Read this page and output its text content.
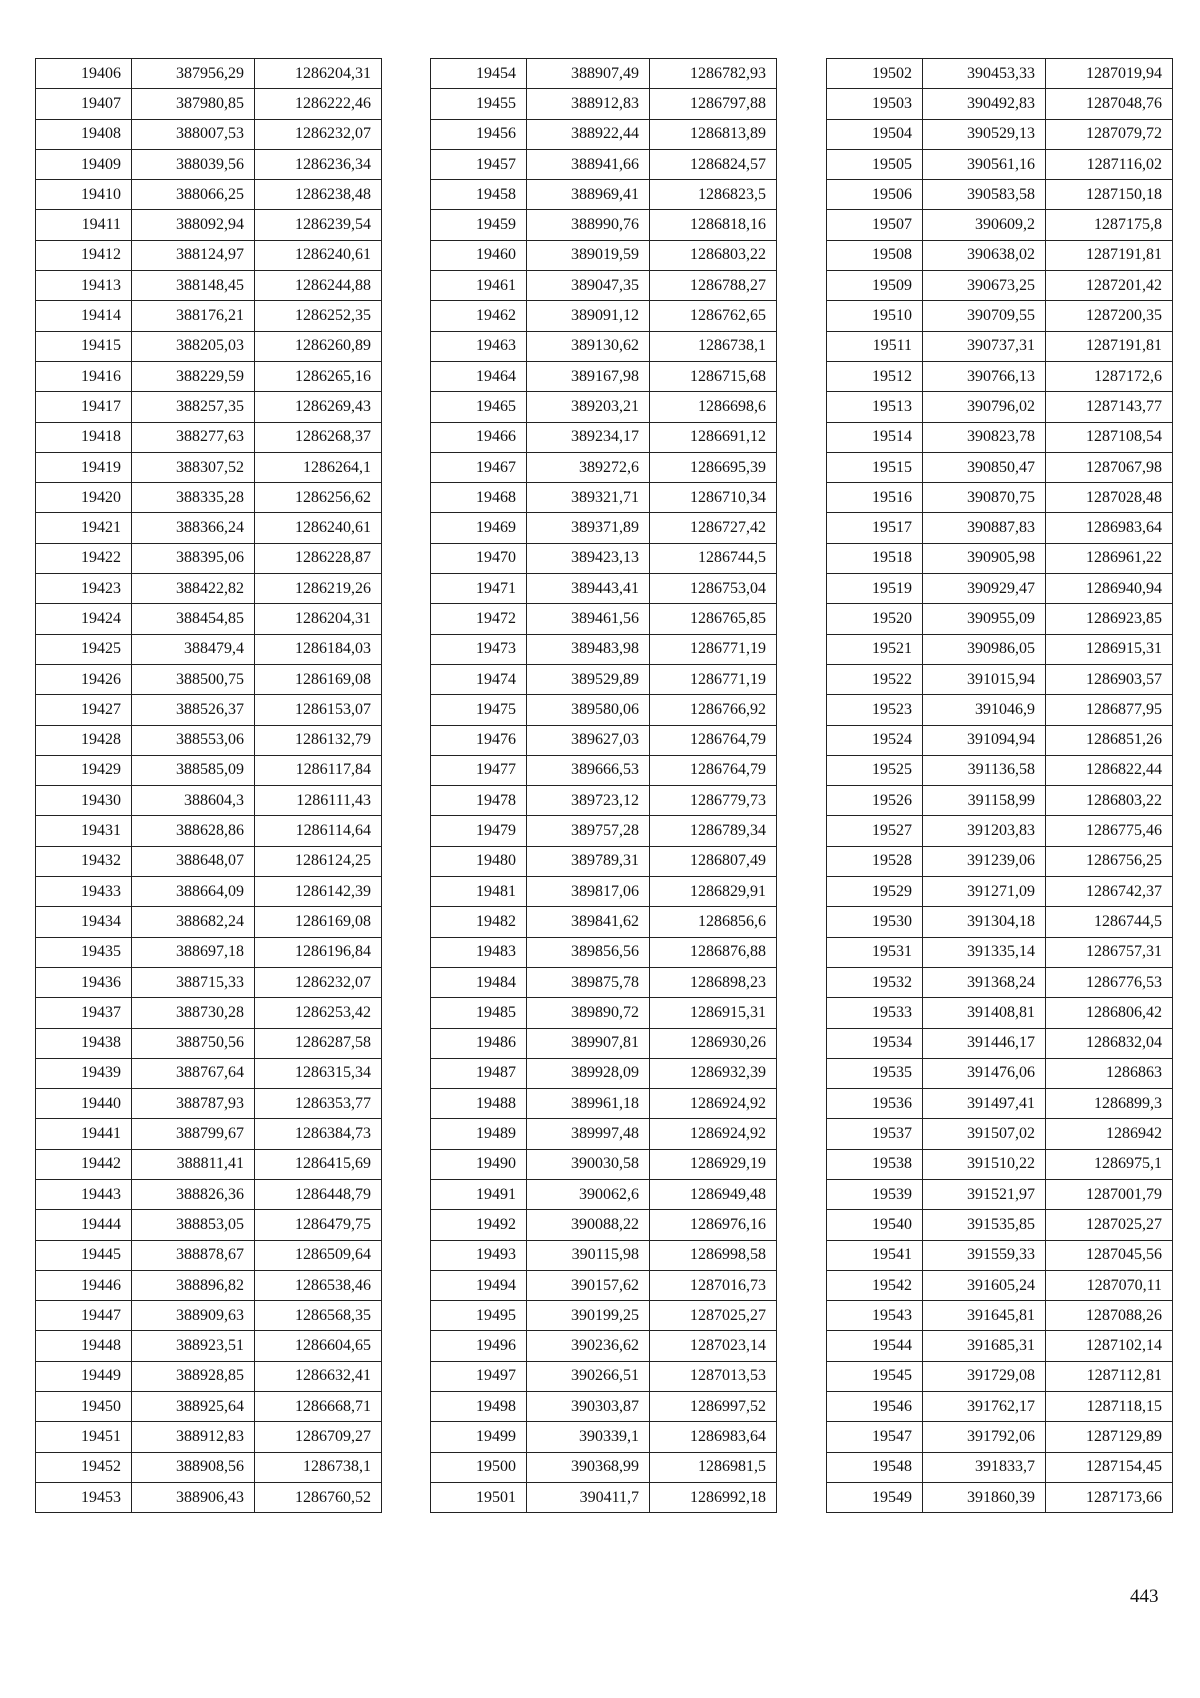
19406	387956,29	1286204,31
19407	387980,85	1286222,46
19408	388007,53	1286232,07
19409	388039,56	1286236,34
19410	388066,25	1286238,48
19411	388092,94	1286239,54
19412	388124,97	1286240,61
19413	388148,45	1286244,88
19414	388176,21	1286252,35
19415	388205,03	1286260,89
19416	388229,59	1286265,16
19417	388257,35	1286269,43
19418	388277,63	1286268,37
19419	388307,52	1286264,1
19420	388335,28	1286256,62
19421	388366,24	1286240,61
19422	388395,06	1286228,87
19423	388422,82	1286219,26
19424	388454,85	1286204,31
19425	388479,4	1286184,03
19426	388500,75	1286169,08
19427	388526,37	1286153,07
19428	388553,06	1286132,79
19429	388585,09	1286117,84
19430	388604,3	1286111,43
19431	388628,86	1286114,64
19432	388648,07	1286124,25
19433	388664,09	1286142,39
19434	388682,24	1286169,08
19435	388697,18	1286196,84
19436	388715,33	1286232,07
19437	388730,28	1286253,42
19438	388750,56	1286287,58
19439	388767,64	1286315,34
19440	388787,93	1286353,77
19441	388799,67	1286384,73
19442	388811,41	1286415,69
19443	388826,36	1286448,79
19444	388853,05	1286479,75
19445	388878,67	1286509,64
19446	388896,82	1286538,46
19447	388909,63	1286568,35
19448	388923,51	1286604,65
19449	388928,85	1286632,41
19450	388925,64	1286668,71
19451	388912,83	1286709,27
19452	388908,56	1286738,1
19453	388906,43	1286760,52
19454	388907,49	1286782,93
19455	388912,83	1286797,88
19456	388922,44	1286813,89
19457	388941,66	1286824,57
19458	388969,41	1286823,5
19459	388990,76	1286818,16
19460	389019,59	1286803,22
19461	389047,35	1286788,27
19462	389091,12	1286762,65
19463	389130,62	1286738,1
19464	389167,98	1286715,68
19465	389203,21	1286698,6
19466	389234,17	1286691,12
19467	389272,6	1286695,39
19468	389321,71	1286710,34
19469	389371,89	1286727,42
19470	389423,13	1286744,5
19471	389443,41	1286753,04
19472	389461,56	1286765,85
19473	389483,98	1286771,19
19474	389529,89	1286771,19
19475	389580,06	1286766,92
19476	389627,03	1286764,79
19477	389666,53	1286764,79
19478	389723,12	1286779,73
19479	389757,28	1286789,34
19480	389789,31	1286807,49
19481	389817,06	1286829,91
19482	389841,62	1286856,6
19483	389856,56	1286876,88
19484	389875,78	1286898,23
19485	389890,72	1286915,31
19486	389907,81	1286930,26
19487	389928,09	1286932,39
19488	389961,18	1286924,92
19489	389997,48	1286924,92
19490	390030,58	1286929,19
19491	390062,6	1286949,48
19492	390088,22	1286976,16
19493	390115,98	1286998,58
19494	390157,62	1287016,73
19495	390199,25	1287025,27
19496	390236,62	1287023,14
19497	390266,51	1287013,53
19498	390303,87	1286997,52
19499	390339,1	1286983,64
19500	390368,99	1286981,5
19501	390411,7	1286992,18
19502	390453,33	1287019,94
19503	390492,83	1287048,76
19504	390529,13	1287079,72
19505	390561,16	1287116,02
19506	390583,58	1287150,18
19507	390609,2	1287175,8
19508	390638,02	1287191,81
19509	390673,25	1287201,42
19510	390709,55	1287200,35
19511	390737,31	1287191,81
19512	390766,13	1287172,6
19513	390796,02	1287143,77
19514	390823,78	1287108,54
19515	390850,47	1287067,98
19516	390870,75	1287028,48
19517	390887,83	1286983,64
19518	390905,98	1286961,22
19519	390929,47	1286940,94
19520	390955,09	1286923,85
19521	390986,05	1286915,31
19522	391015,94	1286903,57
19523	391046,9	1286877,95
19524	391094,94	1286851,26
19525	391136,58	1286822,44
19526	391158,99	1286803,22
19527	391203,83	1286775,46
19528	391239,06	1286756,25
19529	391271,09	1286742,37
19530	391304,18	1286744,5
19531	391335,14	1286757,31
19532	391368,24	1286776,53
19533	391408,81	1286806,42
19534	391446,17	1286832,04
19535	391476,06	1286863
19536	391497,41	1286899,3
19537	391507,02	1286942
19538	391510,22	1286975,1
19539	391521,97	1287001,79
19540	391535,85	1287025,27
19541	391559,33	1287045,56
19542	391605,24	1287070,11
19543	391645,81	1287088,26
19544	391685,31	1287102,14
19545	391729,08	1287112,81
19546	391762,17	1287118,15
19547	391792,06	1287129,89
19548	391833,7	1287154,45
19549	391860,39	1287173,66
443
